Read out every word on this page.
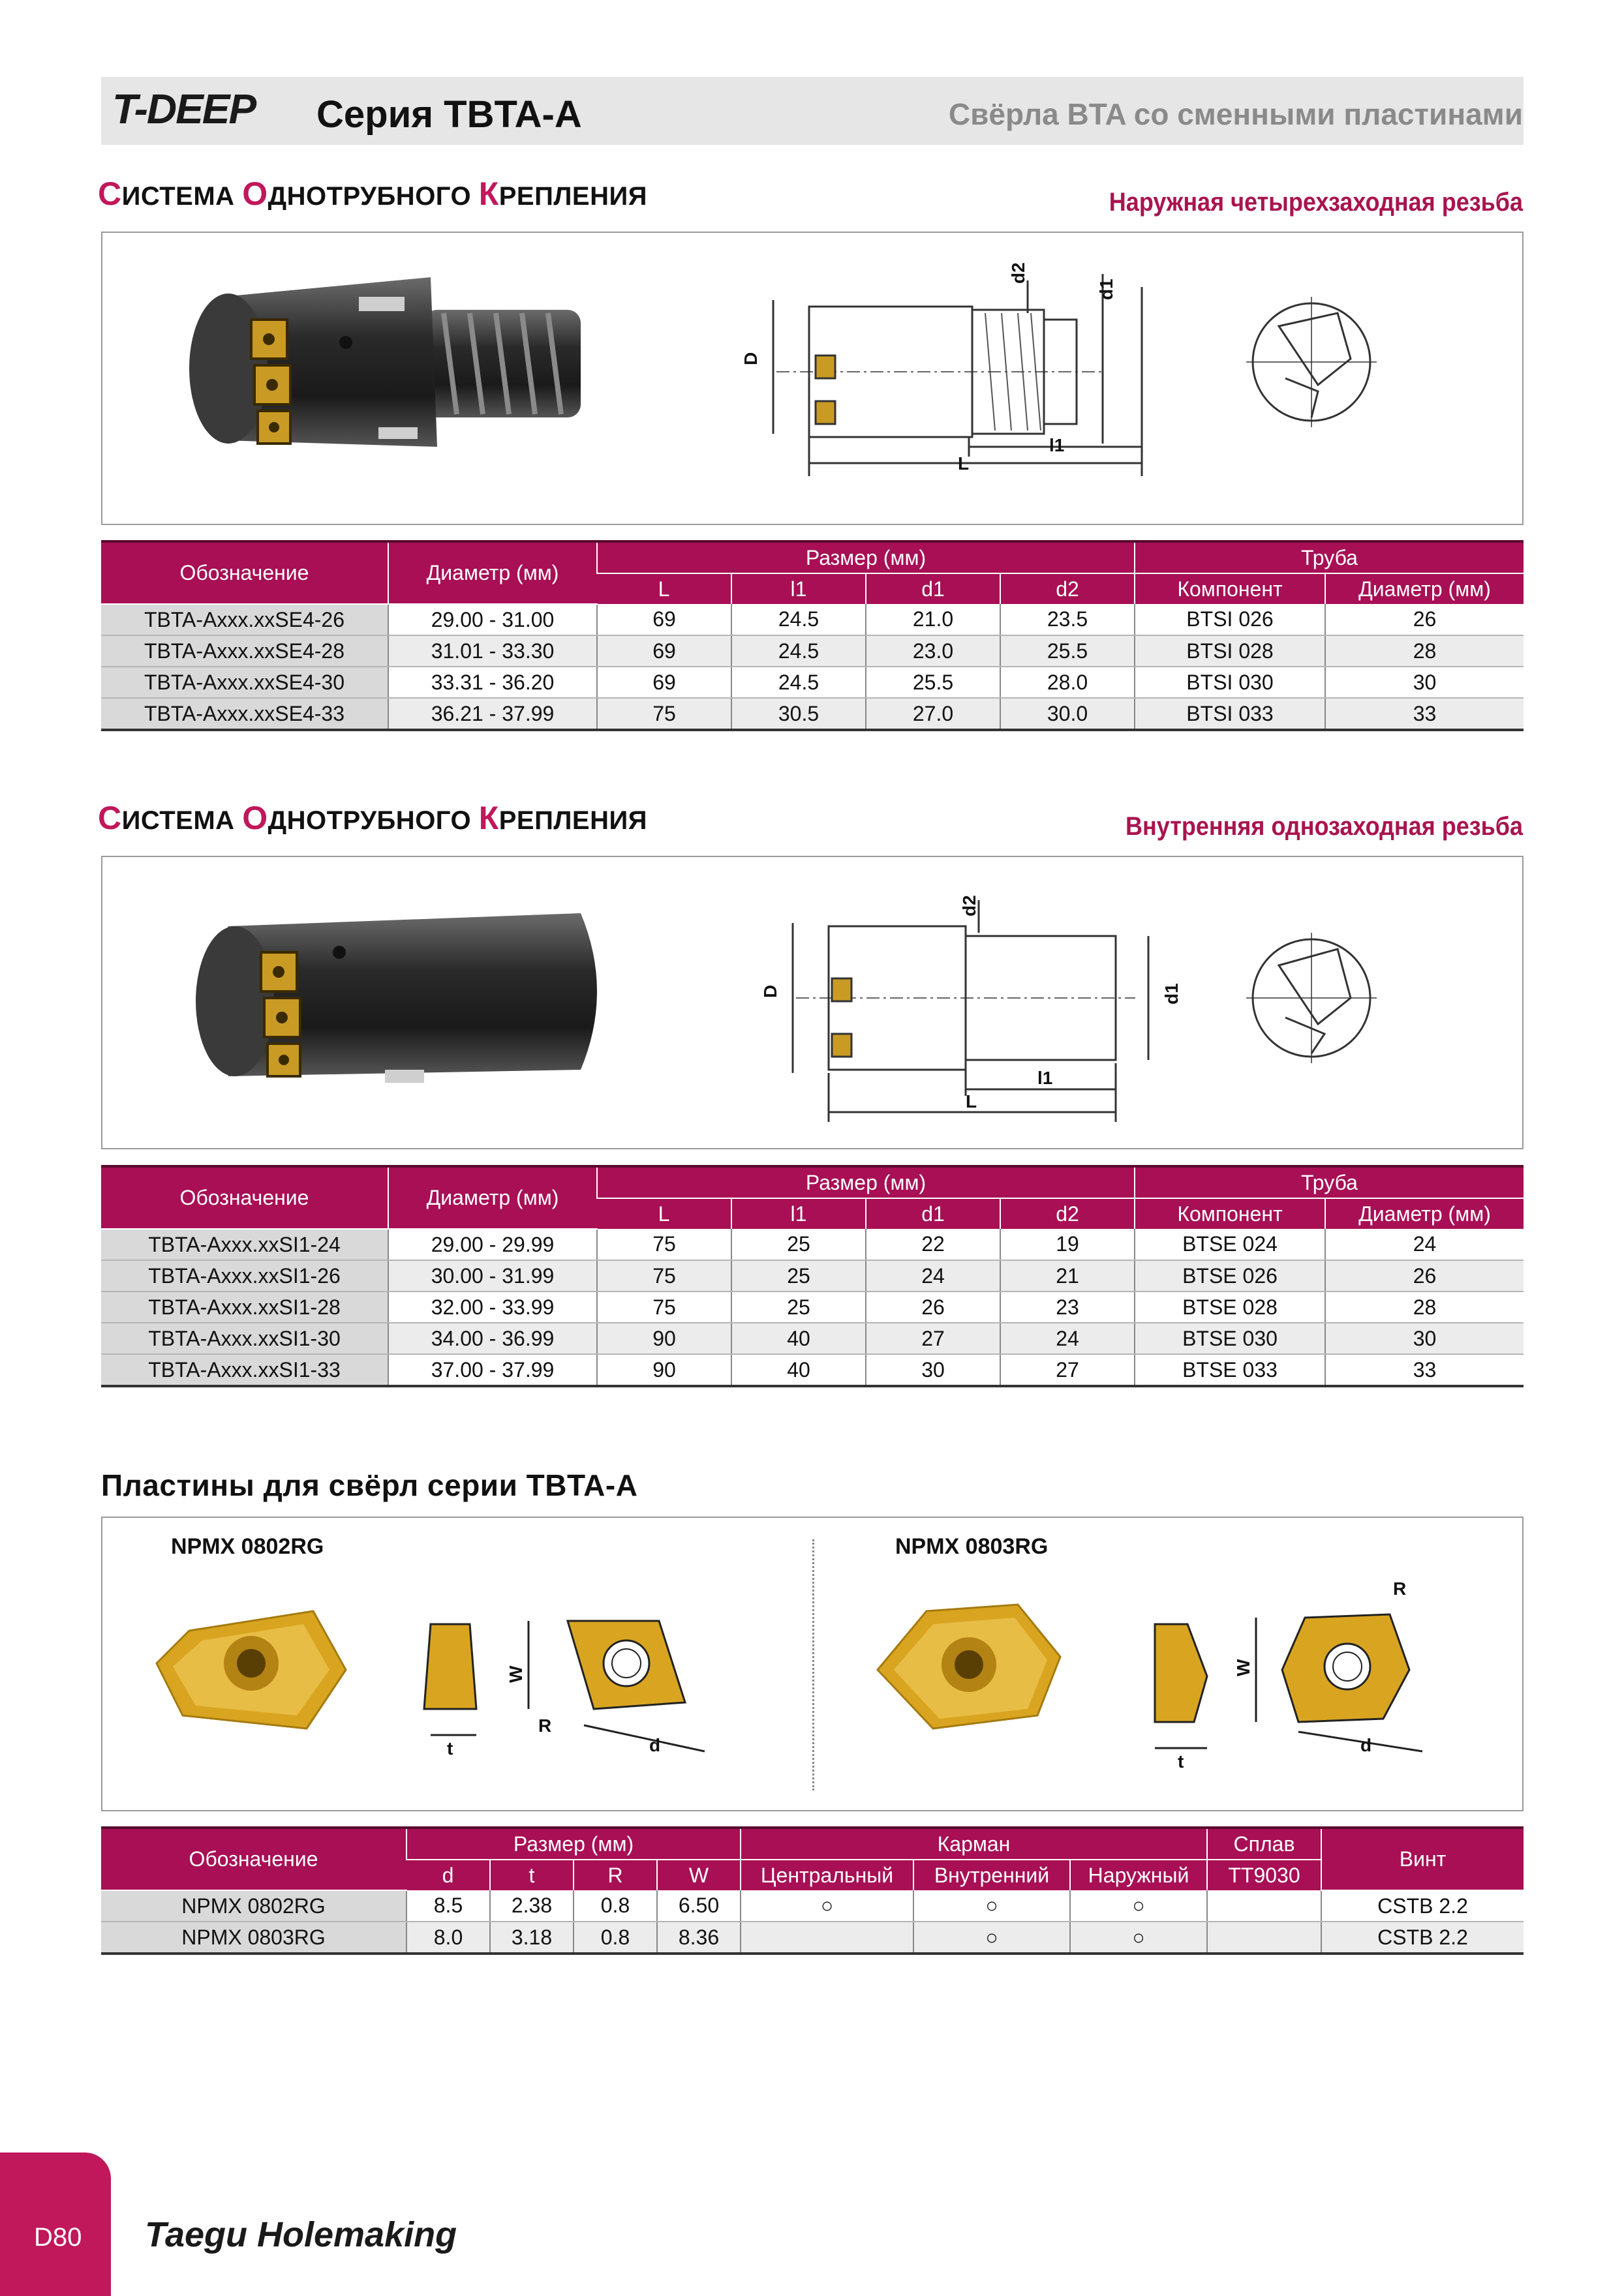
T-DEEP Серия TBTA-A	Свёрла BTA со сменными пластинами
СИСТЕМА ОДНОТРУБНОГО КРЕПЛЕНИЯ	Наружная четырехзаходная резьба
D
d2
d1
l1
L
Обозначение	Диаметр (мм)	Размер (мм)				Труба	
		L	l1	d1	d2	Компонент	Диаметр (мм)
TBTA-Axxx.xxSE4-26	29.00 - 31.00	69	24.5	21.0	23.5	BTSI 026	26
TBTA-Axxx.xxSE4-28	31.01 - 33.30	69	24.5	23.0	25.5	BTSI 028	28
TBTA-Axxx.xxSE4-30	33.31 - 36.20	69	24.5	25.5	28.0	BTSI 030	30
TBTA-Axxx.xxSE4-33	36.21 - 37.99	75	30.5	27.0	30.0	BTSI 033	33
СИСТЕМА ОДНОТРУБНОГО КРЕПЛЕНИЯ	Внутренняя однозаходная резьба
D
d2
d1
l1
L
Обозначение	Диаметр (мм)	Размер (мм)				Труба	
		L	l1	d1	d2	Компонент	Диаметр (мм)
TBTA-Axxx.xxSI1-24	29.00 - 29.99	75	25	22	19	BTSE 024	24
TBTA-Axxx.xxSI1-26	30.00 - 31.99	75	25	24	21	BTSE 026	26
TBTA-Axxx.xxSI1-28	32.00 - 33.99	75	25	26	23	BTSE 028	28
TBTA-Axxx.xxSI1-30	34.00 - 36.99	90	40	27	24	BTSE 030	30
TBTA-Axxx.xxSI1-33	37.00 - 37.99	90	40	30	27	BTSE 033	33
Пластины для свёрл серии TBTA-A
NPMX 0802RG	NPMX 0803RG
t
W
R
d
t
W
R
d
Обозначение	Размер (мм)				Карман			Сплав	Винт
	d	t	R	W	Центральный	Внутренний	Наружный	TT9030	
NPMX 0802RG	8.5	2.38	0.8	6.50	○	○	○		CSTB 2.2
NPMX 0803RG	8.0	3.18	0.8	8.36		○	○		CSTB 2.2
D80 Taegu Holemaking
